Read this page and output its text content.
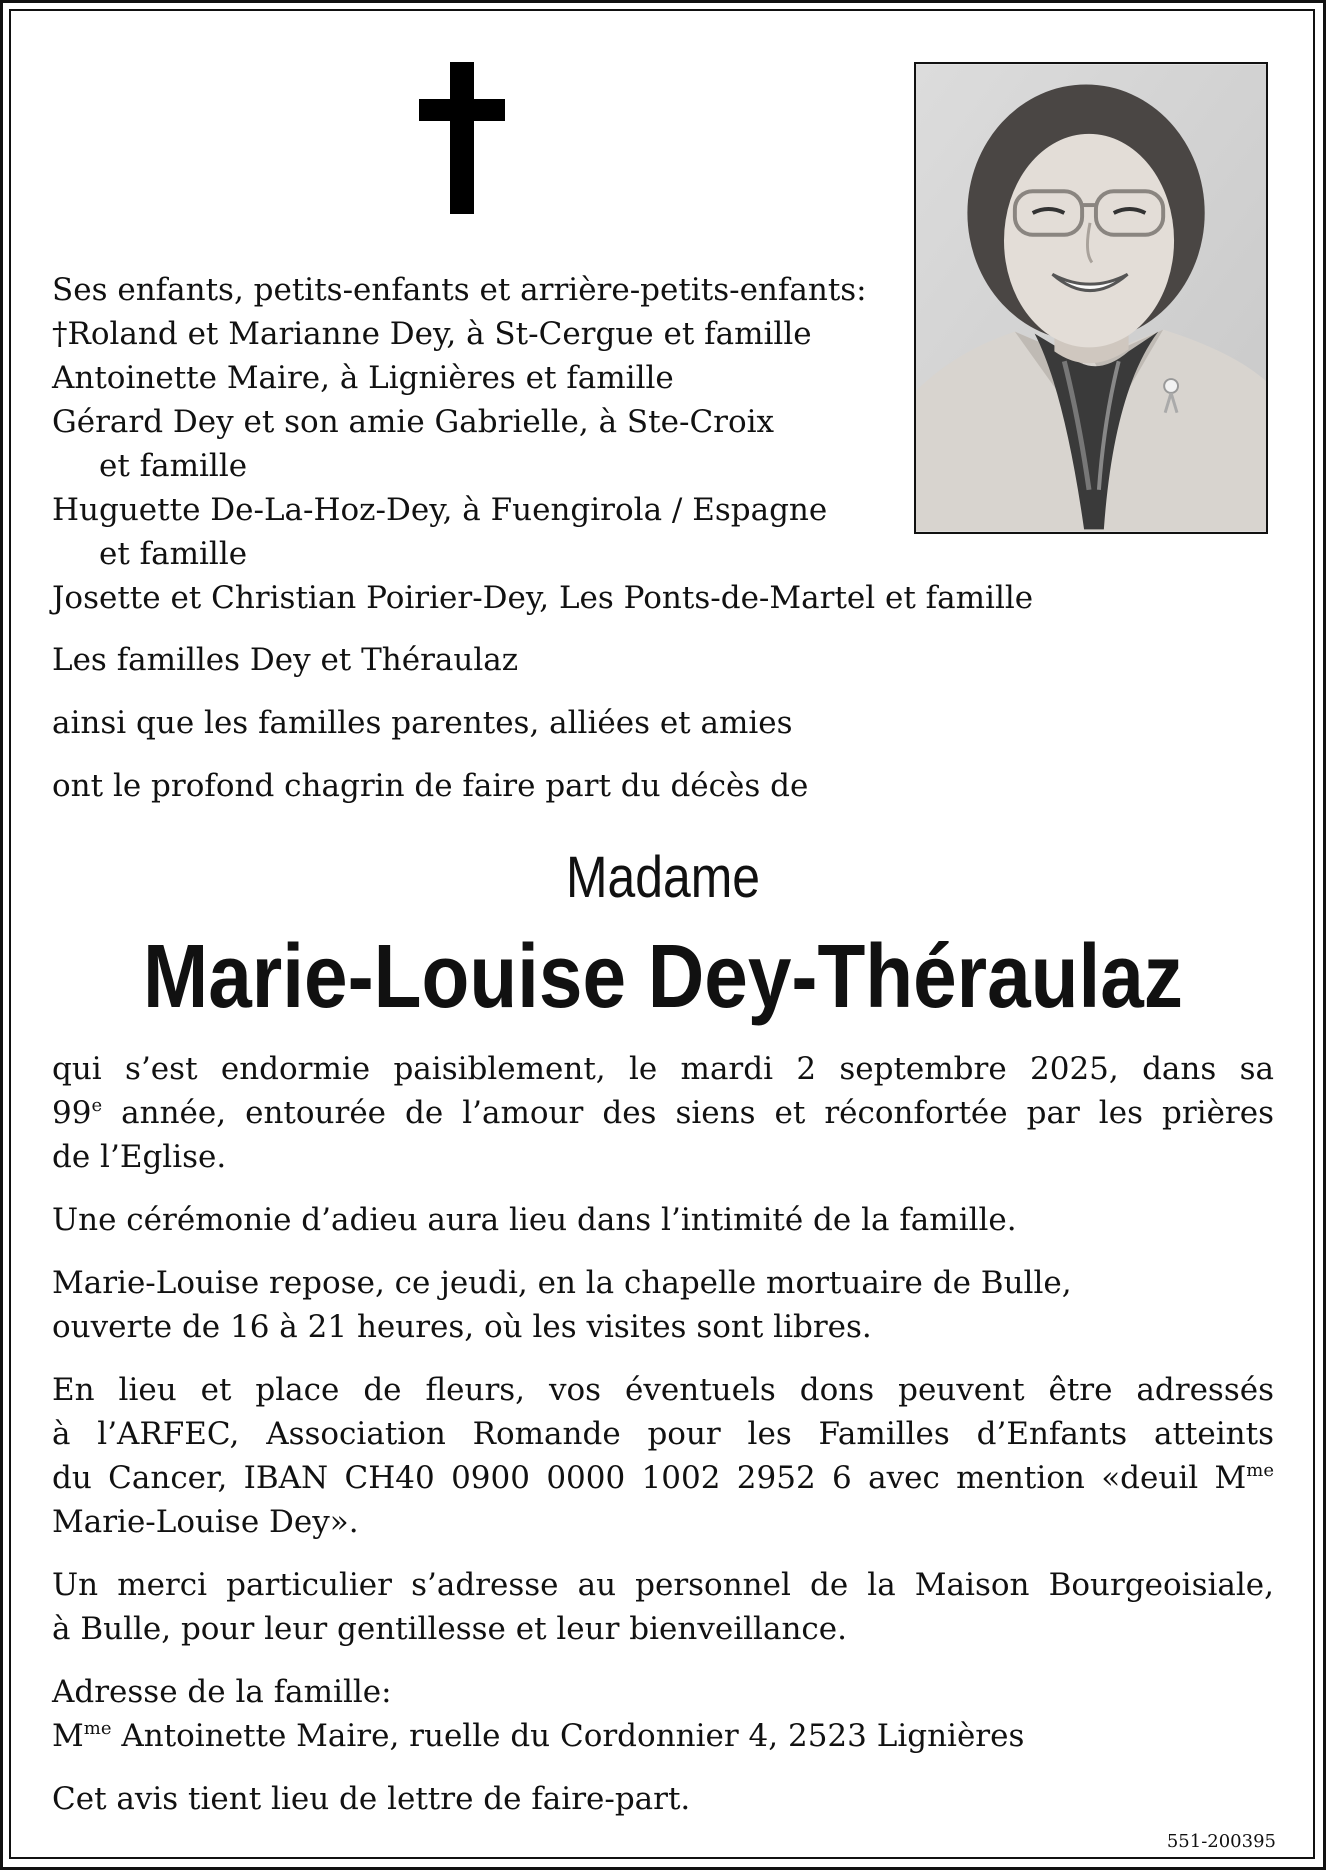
Ses enfants, petits-enfants et arrière-petits-enfants:
†Roland et Marianne Dey, à St-Cergue et famille
Antoinette Maire, à Lignières et famille
Gérard Dey et son amie Gabrielle, à Ste-Croix
et famille
Huguette De-La-Hoz-Dey, à Fuengirola / Espagne
et famille
Josette et Christian Poirier-Dey, Les Ponts-de-Martel et famille
Les familles Dey et Théraulaz
ainsi que les familles parentes, alliées et amies
ont le profond chagrin de faire part du décès de
Madame
Marie-Louise Dey-Théraulaz
qui s’est endormie paisiblement, le mardi 2 septembre 2025, dans sa
99e année, entourée de l’amour des siens et réconfortée par les prières
de l’Eglise.
Une cérémonie d’adieu aura lieu dans l’intimité de la famille.
Marie-Louise repose, ce jeudi, en la chapelle mortuaire de Bulle,
ouverte de 16 à 21 heures, où les visites sont libres.
En lieu et place de fleurs, vos éventuels dons peuvent être adressés
à l’ARFEC, Association Romande pour les Familles d’Enfants atteints
du Cancer, IBAN CH40 0900 0000 1002 2952 6 avec mention «deuil $M^{me}$
Marie-Louise Dey».
Un merci particulier s’adresse au personnel de la Maison Bourgeoisiale,
à Bulle, pour leur gentillesse et leur bienveillance.
Adresse de la famille:
$M^{me}$ Antoinette Maire, ruelle du Cordonnier 4, 2523 Lignières
Cet avis tient lieu de lettre de faire-part.
551-200395
